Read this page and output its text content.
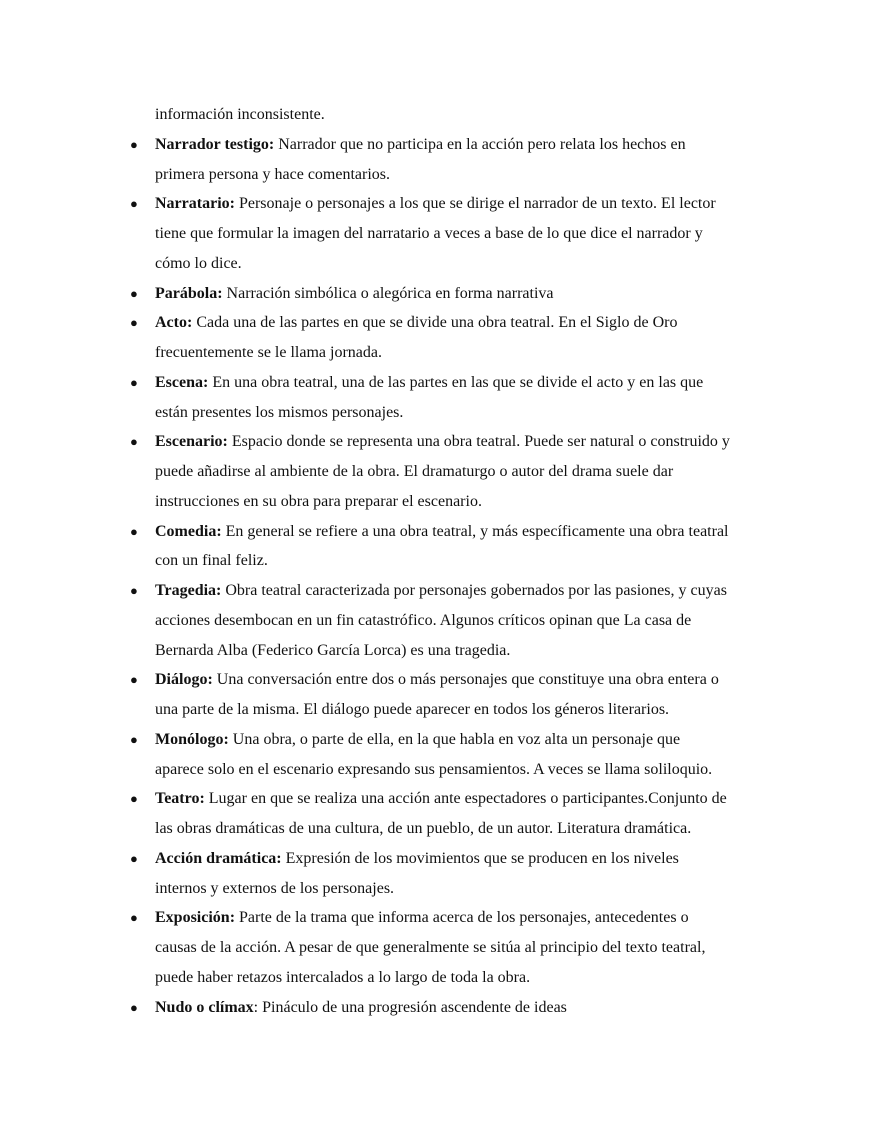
información inconsistente.
● Narrador testigo: Narrador que no participa en la acción pero relata los hechos en
primera persona y hace comentarios.
● Narratario: Personaje o personajes a los que se dirige el narrador de un texto. El lector
tiene que formular la imagen del narratario a veces a base de lo que dice el narrador y
cómo lo dice.
● Parábola: Narración simbólica o alegórica en forma narrativa
● Acto: Cada una de las partes en que se divide una obra teatral. En el Siglo de Oro
frecuentemente se le llama jornada.
● Escena: En una obra teatral, una de las partes en las que se divide el acto y en las que
están presentes los mismos personajes.
● Escenario: Espacio donde se representa una obra teatral. Puede ser natural o construido y
puede añadirse al ambiente de la obra. El dramaturgo o autor del drama suele dar
instrucciones en su obra para preparar el escenario.
● Comedia: En general se refiere a una obra teatral, y más específicamente una obra teatral
con un final feliz.
● Tragedia: Obra teatral caracterizada por personajes gobernados por las pasiones, y cuyas
acciones desembocan en un fin catastrófico. Algunos críticos opinan que La casa de
Bernarda Alba (Federico García Lorca) es una tragedia.
● Diálogo: Una conversación entre dos o más personajes que constituye una obra entera o
una parte de la misma. El diálogo puede aparecer en todos los géneros literarios.
● Monólogo: Una obra, o parte de ella, en la que habla en voz alta un personaje que
aparece solo en el escenario expresando sus pensamientos. A veces se llama soliloquio.
● Teatro: Lugar en que se realiza una acción ante espectadores o participantes.Conjunto de
las obras dramáticas de una cultura, de un pueblo, de un autor. Literatura dramática.
● Acción dramática: Expresión de los movimientos que se producen en los niveles
internos y externos de los personajes.
● Exposición: Parte de la trama que informa acerca de los personajes, antecedentes o
causas de la acción. A pesar de que generalmente se sitúa al principio del texto teatral,
puede haber retazos intercalados a lo largo de toda la obra.
● Nudo o clímax: Pináculo de una progresión ascendente de ideas
